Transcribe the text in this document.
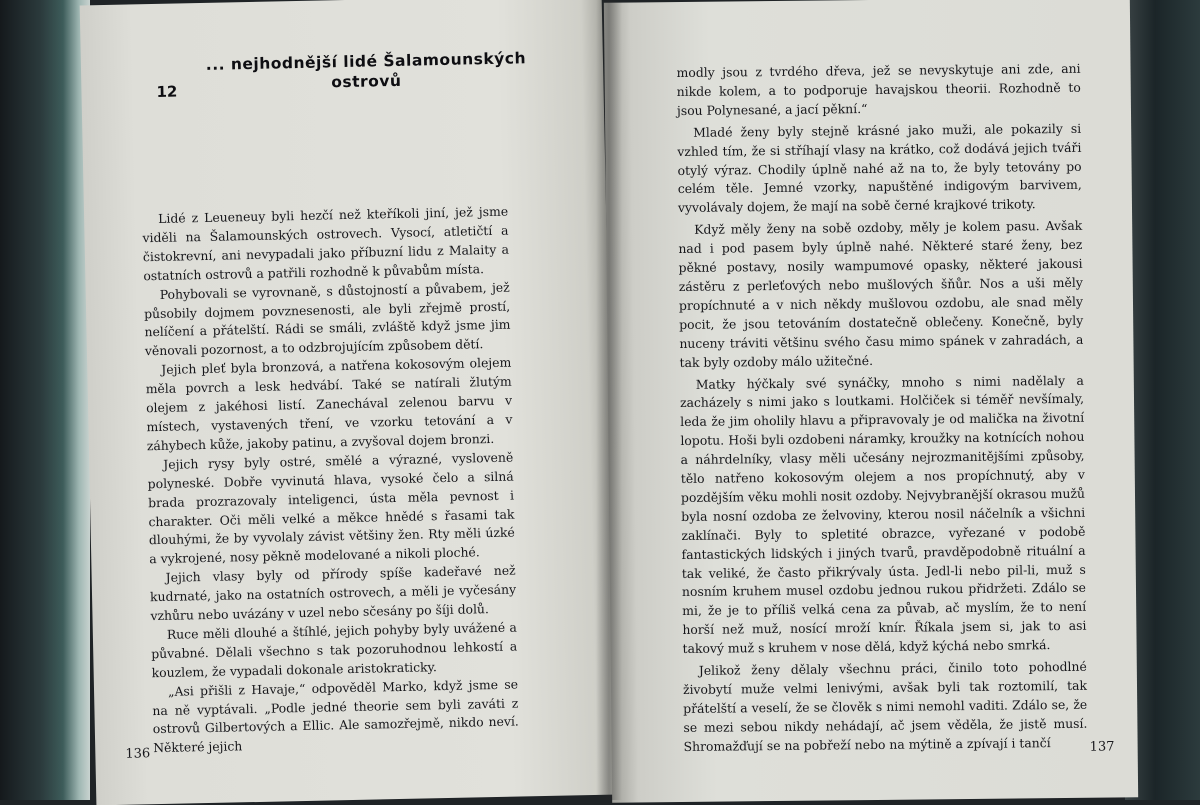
12
... nejhodnější lidé Šalamounských
ostrovů

Lidé z Leueneuy byli hezčí než kteříkoli jiní, jež jsme viděli na Šalamounských ostrovech. Vysocí, atletičtí a čistokrevní, ani nevypadali jako příbuzní lidu z Malaity a ostatních ostrovů a patřili rozhodně k půvabům místa.

Pohybovali se vyrovnaně, s důstojností a půvabem, jež působily dojmem povznesenosti, ale byli zřejmě prostí, nelíčení a přátelští. Rádi se smáli, zvláště když jsme jim věnovali pozornost, a to odzbrojujícím způsobem dětí.

Jejich pleť byla bronzová, a natřena kokosovým olejem měla povrch a lesk hedvábí. Také se natírali žlutým olejem z jakéhosi listí. Zanechával zelenou barvu v místech, vystavených tření, ve vzorku tetování a v záhybech kůže, jakoby patinu, a zvyšoval dojem bronzi.

Jejich rysy byly ostré, smělé a výrazné, vysloveně polyneské. Dobře vyvinutá hlava, vysoké čelo a silná brada prozrazovaly inteligenci, ústa měla pevnost i charakter. Oči měli velké a měkce hnědé s řasami tak dlouhými, že by vyvolaly závist většiny žen. Rty měli úzké a vykrojené, nosy pěkně modelované a nikoli ploché.

Jejich vlasy byly od přírody spíše kadeřavé než kudrnaté, jako na ostatních ostrovech, a měli je vyčesány vzhůru nebo uvázány v uzel nebo sčesány po šíji dolů.

Ruce měli dlouhé a štíhlé, jejich pohyby byly uvážené a půvabné. Dělali všechno s tak pozoruhodnou lehkostí a kouzlem, že vypadali dokonale aristokraticky.

„Asi přišli z Havaje,“ odpověděl Marko, když jsme se na ně vyptávali. „Podle jedné theorie sem byli zaváti z ostrovů Gilbertových a Ellic. Ale samozřejmě, nikdo neví. Některé jejich

136

modly jsou z tvrdého dřeva, jež se nevyskytuje ani zde, ani nikde kolem, a to podporuje havajskou theorii. Rozhodně to jsou Polynesané, a jací pěkní.“

Mladé ženy byly stejně krásné jako muži, ale pokazily si vzhled tím, že si stříhají vlasy na krátko, což dodává jejich tváři otylý výraz. Chodily úplně nahé až na to, že byly tetovány po celém těle. Jemné vzorky, napuštěné indigovým barvivem, vyvolávaly dojem, že mají na sobě černé krajkové trikoty.

Když měly ženy na sobě ozdoby, měly je kolem pasu. Avšak nad i pod pasem byly úplně nahé. Některé staré ženy, bez pěkné postavy, nosily wampumové opasky, některé jakousi zástěru z perleťových nebo mušlových šňůr. Nos a uši měly propíchnuté a v nich někdy mušlovou ozdobu, ale snad měly pocit, že jsou tetováním dostatečně oblečeny. Konečně, byly nuceny tráviti většinu svého času mimo spánek v zahradách, a tak byly ozdoby málo užitečné.

Matky hýčkaly své synáčky, mnoho s nimi nadělaly a zacházely s nimi jako s loutkami. Holčiček si téměř nevšímaly, leda že jim oholily hlavu a připravovaly je od malička na životní lopotu. Hoši byli ozdobeni náramky, kroužky na kotnících nohou a náhrdelníky, vlasy měli učesány nejrozmanitějšími způsoby, tělo natřeno kokosovým olejem a nos propíchnutý, aby v pozdějším věku mohli nosit ozdoby. Nejvybranější okrasou mužů byla nosní ozdoba ze želvoviny, kterou nosil náčelník a všichni zaklínači. Byly to spletité obrazce, vyřezané v podobě fantastických lidských i jiných tvarů, pravděpodobně rituální a tak veliké, že často přikrývaly ústa. Jedl-li nebo pil-li, muž s nosním kruhem musel ozdobu jednou rukou přidržeti. Zdálo se mi, že je to příliš velká cena za půvab, ač myslím, že to není horší než muž, nosící mroží knír. Říkala jsem si, jak to asi takový muž s kruhem v nose dělá, když kýchá nebo smrká.

Jelikož ženy dělaly všechnu práci, činilo toto pohodlné živobytí muže velmi lenivými, avšak byli tak roztomilí, tak přátelští a veselí, že se člověk s nimi nemohl vaditi. Zdálo se, že se mezi sebou nikdy nehádají, ač jsem věděla, že jistě musí. Shromažďují se na pobřeží nebo na mýtině a zpívají i tančí	137
